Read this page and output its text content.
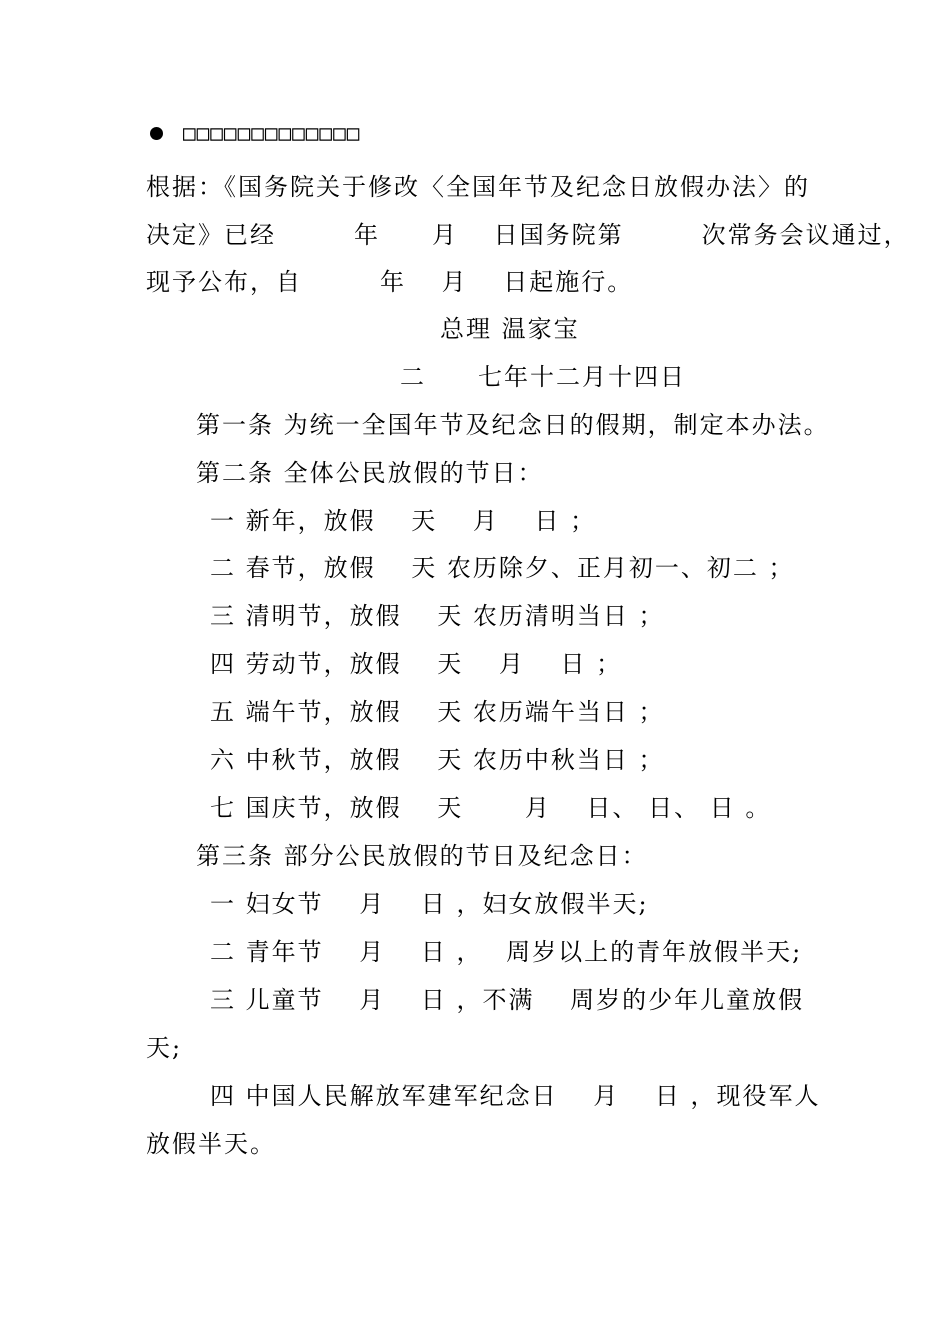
□□□□□□□□□□□□□
根据：《国务院关于修改〈全国年节及纪念日放假办法〉的
决定》已经　　　年　　月　 日国务院第　　　次常务会议通过，
现予公布，自　　　年　 月　 日起施行。
总理 温家宝
二　　七年十二月十四日
第一条 为统一全国年节及纪念日的假期，制定本办法。
第二条 全体公民放假的节日：
一 新年，放假　 天　 月　 日 ；
二 春节，放假　 天 农历除夕、正月初一、初二 ；
三 清明节，放假　 天 农历清明当日 ；
四 劳动节，放假　 天　 月　 日 ；
五 端午节，放假　 天 农历端午当日 ；
六 中秋节，放假　 天 农历中秋当日 ；
七 国庆节，放假　 天　　 月　 日、 日、 日 。
第三条 部分公民放假的节日及纪念日：
一 妇女节　 月　 日 ，妇女放假半天;
二 青年节　 月　 日 ，　 周岁以上的青年放假半天;
三 儿童节　 月　 日 ，不满　 周岁的少年儿童放假
天;
四 中国人民解放军建军纪念日　 月　 日 ，现役军人
放假半天。
